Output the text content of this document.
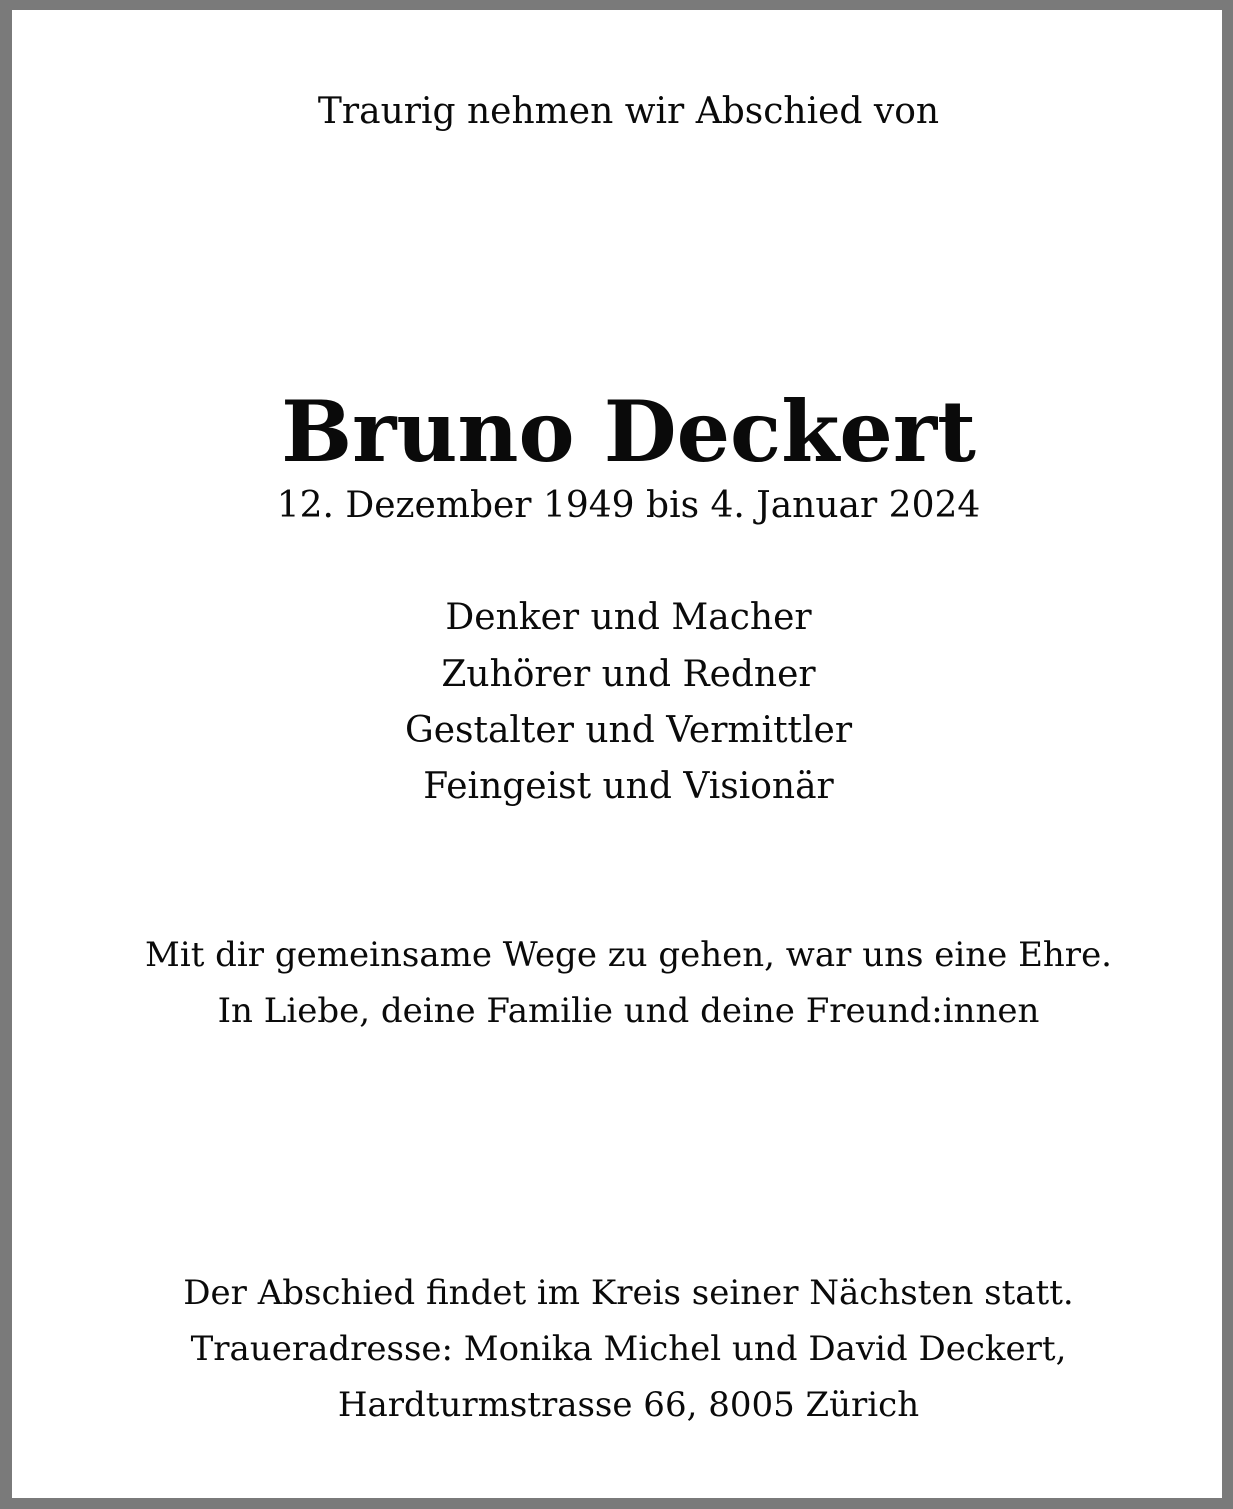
Traurig nehmen wir Abschied von

Bruno Deckert

12. Dezember 1949 bis 4. Januar 2024

Denker und Macher

Zuhörer und Redner

Gestalter und Vermittler

Feingeist und Visionär

Mit dir gemeinsame Wege zu gehen, war uns eine Ehre.

In Liebe, deine Familie und deine Freund:innen

Der Abschied findet im Kreis seiner Nächsten statt.

Traueradresse: Monika Michel und David Deckert,

Hardturmstrasse 66, 8005 Zürich
